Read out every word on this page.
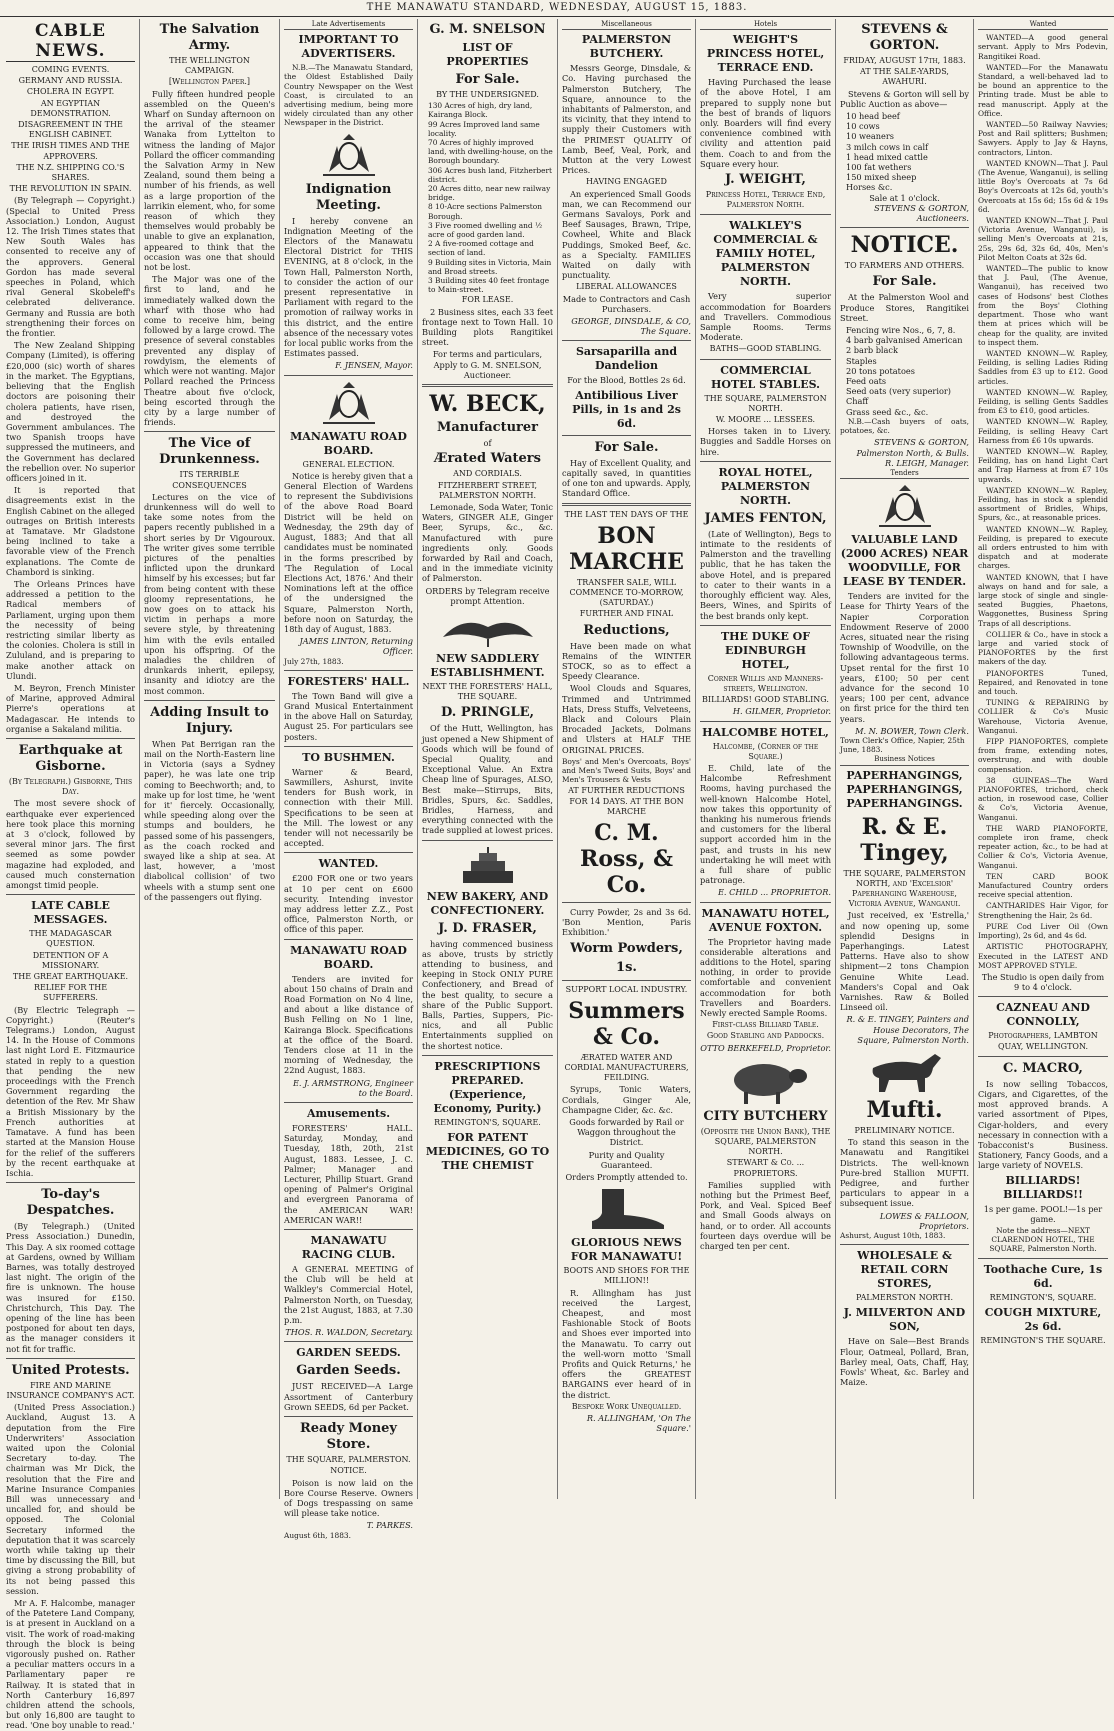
THE MANAWATU STANDARD, WEDNESDAY, AUGUST 15, 1883.
CABLE NEWS.
COMING EVENTS.
GERMANY AND RUSSIA.
CHOLERA IN EGYPT.
AN EGYPTIAN DEMONSTRATION.
DISAGREEMENT IN THE ENGLISH CABINET.
THE IRISH TIMES AND THE APPROVERS.
THE N.Z. SHIPPING CO.'S SHARES.
THE REVOLUTION IN SPAIN.

(By Telegraph — Copyright.) (Special to United Press Association.) London, August 12. The Irish Times states that New South Wales has consented to receive any of the approvers. General Gordon has made several speeches in Poland, which rival General Skobeleff's celebrated deliverance. Germany and Russia are both strengthening their forces on the frontier.

The New Zealand Shipping Company (Limited), is offering £20,000 (sic) worth of shares in the market. The Egyptians, believing that the English doctors are poisoning their cholera patients, have risen, and destroyed the Government ambulances. The two Spanish troops have suppressed the mutineers, and the Government has declared the rebellion over. No superior officers joined in it.

It is reported that disagreements exist in the English Cabinet on the alleged outrages on British interests at Tamatave. Mr Gladstone being inclined to take a favorable view of the French explanations. The Comte de Chambord is sinking.

The Orleans Princes have addressed a petition to the Radical members of Parliament, urging upon them the necessity of being restricting similar liberty as the colonies. Cholera is still in Zululand, and is preparing to make another attack on Ulundi.

M. Beyron, French Minister of Marine, approved Admiral Pierre's operations at Madagascar. He intends to organise a Sakaland militia.

Earthquake at Gisborne.
(By Telegraph.) Gisborne, This Day.

The most severe shock of earthquake ever experienced here took place this morning at 3 o'clock, followed by several minor jars. The first seemed as some powder magazine had exploded, and caused much consternation amongst timid people.

LATE CABLE MESSAGES.
THE MADAGASCAR QUESTION.
DETENTION OF A MISSIONARY.
THE GREAT EARTHQUAKE.
RELIEF FOR THE SUFFERERS.

(By Electric Telegraph — Copyright.) (Reuter's Telegrams.) London, August 14. In the House of Commons last night Lord E. Fitzmaurice stated in reply to a question that pending the new proceedings with the French Government regarding the detention of the Rev. Mr Shaw a British Missionary by the French authorities at Tamatave. A fund has been started at the Mansion House for the relief of the sufferers by the recent earthquake at Ischia.

To-day's Despatches.

(By Telegraph.) (United Press Association.) Dunedin, This Day. A six roomed cottage at Gardens, owned by William Barnes, was totally destroyed last night. The origin of the fire is unknown. The house was insured for £150. Christchurch, This Day. The opening of the line has been postponed for about ten days, as the manager considers it not fit for traffic.

United Protests.
FIRE AND MARINE INSURANCE COMPANY'S ACT.

(United Press Association.) Auckland, August 13. A deputation from the Fire Underwriters' Association waited upon the Colonial Secretary to-day. The chairman was Mr Dick, the resolution that the Fire and Marine Insurance Companies Bill was unnecessary and uncalled for, and should be opposed. The Colonial Secretary informed the deputation that it was scarcely worth while taking up their time by discussing the Bill, but giving a strong probability of its not being passed this session.

Mr A. F. Halcombe, manager of the Patetere Land Company, is at present in Auckland on a visit. The work of road-making through the block is being vigorously pushed on. Rather a peculiar matters occurs in a Parliamentary paper re Railway. It is stated that in North Canterbury 16,897 children attend the schools, but only 16,800 are taught to read. 'One boy unable to read.'

The Salvation Army.
THE WELLINGTON CAMPAIGN.
[Wellington Paper.]

Fully fifteen hundred people assembled on the Queen's Wharf on Sunday afternoon on the arrival of the steamer Wanaka from Lyttelton to witness the landing of Major Pollard the officer commanding the Salvation Army in New Zealand, sound them being a number of his friends, as well as a large proportion of the larrikin element, who, for some reason of which they themselves would probably be unable to give an explanation, appeared to think that the occasion was one that should not be lost.

The Major was one of the first to land, and he immediately walked down the wharf with those who had come to receive him, being followed by a large crowd. The presence of several constables prevented any display of rowdyism, the elements of which were not wanting. Major Pollard reached the Princess Theatre about five o'clock, being escorted through the city by a large number of friends.

The Vice of Drunkenness.
ITS TERRIBLE CONSEQUENCES

Lectures on the vice of drunkenness will do well to take some notes from the papers recently published in a short series by Dr Vigouroux. The writer gives some terrible pictures of the penalties inflicted upon the drunkard himself by his excesses; but far from being content with these gloomy representations, he now goes on to attack his victim in perhaps a more severe style, by threatening him with the evils entailed upon his offspring. Of the maladies the children of drunkards inherit, epilepsy, insanity and idiotcy are the most common.

Adding Insult to Injury.

When Pat Berrigan ran the mail on the North-Eastern line in Victoria (says a Sydney paper), he was late one trip coming to Beechworth; and, to make up for lost time, he 'went for it' fiercely. Occasionally, while speeding along over the stumps and boulders, he passed some of his passengers, as the coach rocked and swayed like a ship at sea. At last, however, a 'most diabolical collision' of two wheels with a stump sent one of the passengers out flying.

Late Advertisements
IMPORTANT TO ADVERTISERS.

N.B.—The Manawatu Standard, the Oldest Established Daily Country Newspaper on the West Coast, is circulated to an advertising medium, being more widely circulated than any other Newspaper in the District.

Indignation Meeting.

I hereby convene an Indignation Meeting of the Electors of the Manawatu Electoral District for THIS EVENING, at 8 o'clock, in the Town Hall, Palmerston North, to consider the action of our present representative in Parliament with regard to the promotion of railway works in this district, and the entire absence of the necessary votes for local public works from the Estimates passed.

F. JENSEN, Mayor.
MANAWATU ROAD BOARD.
GENERAL ELECTION.

Notice is hereby given that a General Election of Wardens to represent the Subdivisions of the above Road Board District will be held on Wednesday, the 29th day of August, 1883; And that all candidates must be nominated in the forms prescribed by 'The Regulation of Local Elections Act, 1876.' And their Nominations left at the office of the undersigned the Square, Palmerston North, before noon on Saturday, the 18th day of August, 1883.

JAMES LINTON, Returning Officer.
July 27th, 1883.
FORESTERS' HALL.

The Town Band will give a Grand Musical Entertainment in the above Hall on Saturday, August 25. For particulars see posters.

TO BUSHMEN.

Warner & Beard, Sawmillers, Ashurst, invite tenders for Bush work, in connection with their Mill. Specifications to be seen at the Mill. The lowest or any tender will not necessarily be accepted.

WANTED.

£200 FOR one or two years at 10 per cent on £600 security. Intending investor may address letter Z.Z., Post office, Palmerston North, or office of this paper.

MANAWATU ROAD BOARD.

Tenders are invited for about 150 chains of Drain and Road Formation on No 4 line, and about a like distance of Bush Felling on No 1 line, Kairanga Block. Specifications at the office of the Board. Tenders close at 11 in the morning of Wednesday, the 22nd August, 1883.

E. J. ARMSTRONG, Engineer to the Board.
Amusements.

FORESTERS' HALL. Saturday, Monday, and Tuesday, 18th, 20th, 21st August, 1883. Lessee, J. C. Palmer; Manager and Lecturer, Phillip Stuart. Grand opening of Palmer's Original and evergreen Panorama of the AMERICAN WAR! AMERICAN WAR!!

MANAWATU RACING CLUB.

A GENERAL MEETING of the Club will be held at Walkley's Commercial Hotel, Palmerston North, on Tuesday, the 21st August, 1883, at 7.30 p.m.

THOS. R. WALDON, Secretary.
GARDEN SEEDS.
Garden Seeds.

JUST RECEIVED—A Large Assortment of Canterbury Grown SEEDS, 6d per Packet.

Ready Money Store.
THE SQUARE, PALMERSTON.
NOTICE.

Poison is now laid on the Bore Course Reserve. Owners of Dogs trespassing on same will please take notice.

T. PARKES.
August 6th, 1883.
G. M. SNELSON
LIST OF PROPERTIES
For Sale.
BY THE UNDERSIGNED.
130 Acres of high, dry land, Kairanga Block.
99 Acres Improved land same locality.
70 Acres of highly improved land, with dwelling-house, on the Borough boundary.
306 Acres bush land, Fitzherbert district.
20 Acres ditto, near new railway bridge.
8 10-Acre sections Palmerston Borough.
3 Five roomed dwelling and ½ acre of good garden land.
2 A five-roomed cottage and section of land.
9 Building sites in Victoria, Main and Broad streets.
3 Building sites 40 feet frontage to Main-street.
FOR LEASE.

2 Business sites, each 33 feet frontage next to Town Hall. 10 Building plots Rangitikei street.

For terms and particulars, Apply to G. M. SNELSON, Auctioneer.

W. BECK,
Manufacturer
of
Ærated Waters
AND CORDIALS.
FITZHERBERT STREET, PALMERSTON NORTH.

Lemonade, Soda Water, Tonic Waters, GINGER ALE, Ginger Beer, Syrups, &c., &c. Manufactured with pure ingredients only. Goods forwarded by Rail and Coach, and in the immediate vicinity of Palmerston.

ORDERS by Telegram receive prompt Attention.

NEW SADDLERY ESTABLISHMENT.
NEXT THE FORESTERS' HALL, THE SQUARE.
D. PRINGLE,

Of the Hutt, Wellington, has just opened a New Shipment of Goods which will be found of Special Quality, and Exceptional Value. An Extra Cheap line of Spurages, ALSO, Best make—Stirrups, Bits, Bridles, Spurs, &c. Saddles, Bridles, Harness, and everything connected with the trade supplied at lowest prices.

NEW BAKERY, AND CONFECTIONERY.
J. D. FRASER,

having commenced business as above, trusts by strictly attending to business, and keeping in Stock ONLY PURE Confectionery, and Bread of the best quality, to secure a share of the Public Support. Balls, Parties, Suppers, Pic-nics, and all Public Entertainments supplied on the shortest notice.

PRESCRIPTIONS PREPARED. (Experience, Economy, Purity.)
REMINGTON'S, SQUARE.
FOR PATENT MEDICINES, GO TO THE CHEMIST
Miscellaneous
PALMERSTON BUTCHERY.

Messrs George, Dinsdale, & Co. Having purchased the Palmerston Butchery, The Square, announce to the inhabitants of Palmerston, and its vicinity, that they intend to supply their Customers with the PRIMEST QUALITY Of Lamb, Beef, Veal, Pork, and Mutton at the very Lowest Prices.

HAVING ENGAGED

An experienced Small Goods man, we can Recommend our Germans Savaloys, Pork and Beef Sausages, Brawn, Tripe, Cowheel, White and Black Puddings, Smoked Beef, &c. as a Specialty. FAMILIES Waited on daily with punctuality.

LIBERAL ALLOWANCES

Made to Contractors and Cash Purchasers.

GEORGE, DINSDALE, & CO, The Square.
Sarsaparilla and Dandelion

For the Blood, Bottles 2s 6d.

Antibilious Liver Pills, in 1s and 2s 6d.
For Sale.

Hay of Excellent Quality, and capitally saved, in quantities of one ton and upwards. Apply, Standard Office.

THE LAST TEN DAYS OF THE
BON MARCHE
TRANSFER SALE, WILL COMMENCE TO-MORROW, (SATURDAY.)
FURTHER AND FINAL
Reductions,

Have been made on what Remains of the WINTER STOCK, so as to effect a Speedy Clearance.

Wool Clouds and Squares, Trimmed and Untrimmed Hats, Dress Stuffs, Velveteens, Black and Colours Plain Brocaded Jackets, Dolmans and Ulsters at HALF THE ORIGINAL PRICES.

Boys' and Men's Overcoats, Boys' and Men's Tweed Suits, Boys' and Men's Trousers & Vests

AT FURTHER REDUCTIONS FOR 14 DAYS. AT THE BON MARCHE
C. M. Ross, & Co.

Curry Powder, 2s and 3s 6d. 'Bon Mention, Paris Exhibition.'

Worm Powders,
1s.
SUPPORT LOCAL INDUSTRY.
Summers & Co.
ÆRATED WATER AND CORDIAL MANUFACTURERS, FEILDING.

Syrups, Tonic Waters, Cordials, Ginger Ale, Champagne Cider, &c. &c.

Goods forwarded by Rail or Waggon throughout the District.

Purity and Quality Guaranteed.

Orders Promptly attended to.

GLORIOUS NEWS FOR MANAWATU!
BOOTS AND SHOES FOR THE MILLION!!

R. Allingham has just received the Largest, Cheapest, and most Fashionable Stock of Boots and Shoes ever imported into the Manawatu. To carry out the well-worn motto 'Small Profits and Quick Returns,' he offers the GREATEST BARGAINS ever heard of in the district.

Bespoke Work Unequalled.
R. ALLINGHAM, 'On The Square.'
Hotels
WEIGHT'S PRINCESS HOTEL, TERRACE END.

Having Purchased the lease of the above Hotel, I am prepared to supply none but the best of brands of liquors only. Boarders will find every convenience combined with civility and attention paid them. Coach to and from the Square every hour.

J. WEIGHT,
Princess Hotel, Terrace End, Palmerston North.
WALKLEY'S COMMERCIAL & FAMILY HOTEL, PALMERSTON NORTH.

Very superior accommodation for Boarders and Travellers. Commodious Sample Rooms. Terms Moderate.

BATHS—GOOD STABLING.
COMMERCIAL HOTEL STABLES.
THE SQUARE, PALMERSTON NORTH.
W. MOORE ... LESSEES.

Horses taken in to Livery. Buggies and Saddle Horses on hire.

ROYAL HOTEL, PALMERSTON NORTH.
JAMES FENTON,

(Late of Wellington), Begs to intimate to the residents of Palmerston and the travelling public, that he has taken the above Hotel, and is prepared to cater to their wants in a thoroughly efficient way. Ales, Beers, Wines, and Spirits of the best brands only kept.

THE DUKE OF EDINBURGH HOTEL,
Corner Willis and Manners-streets, Wellington.
BILLIARDS! GOOD STABLING.
H. GILMER, Proprietor.
HALCOMBE HOTEL,
Halcombe, (Corner of the Square.)

E. Child, late of the Halcombe Refreshment Rooms, having purchased the well-known Halcombe Hotel, now takes this opportunity of thanking his numerous friends and customers for the liberal support accorded him in the past, and trusts in his new undertaking he will meet with a full share of public patronage.

E. CHILD ... PROPRIETOR.
MANAWATU HOTEL, AVENUE FOXTON.

The Proprietor having made considerable alterations and additions to the Hotel, sparing nothing, in order to provide comfortable and convenient accommodation for both Travellers and Boarders. Newly erected Sample Rooms.

First-class Billiard Table.
Good Stabling and Paddocks.
OTTO BERKEFELD, Proprietor.
CITY BUTCHERY
(Opposite the Union Bank), THE SQUARE, PALMERSTON NORTH.
STEWART & Co. ... PROPRIETORS.

Families supplied with nothing but the Primest Beef, Pork, and Veal. Spiced Beef and Small Goods always on hand, or to order. All accounts fourteen days overdue will be charged ten per cent.

STEVENS & GORTON.
FRIDAY, AUGUST 17th, 1883.
AT THE SALE-YARDS, AWAHURI.

Stevens & Gorton will sell by Public Auction as above—

10 head beef
10 cows
10 weaners
3 milch cows in calf
1 head mixed cattle
100 fat wethers
150 mixed sheep
Horses &c.
Sale at 1 o'clock.
STEVENS & GORTON, Auctioneers.
NOTICE.
TO FARMERS AND OTHERS.
For Sale.

At the Palmerston Wool and Produce Stores, Rangitikei Street.

Fencing wire Nos., 6, 7, 8.
4 barb galvanised American
2 barb black
Staples
20 tons potatoes
Feed oats
Seed oats (very superior)
Chaff
Grass seed &c., &c.

N.B.—Cash buyers of oats, potatoes, &c.

STEVENS & GORTON, Palmerston North, & Bulls.
R. LEIGH, Manager.
Tenders
VALUABLE LAND (2000 ACRES) NEAR WOODVILLE, FOR LEASE BY TENDER.

Tenders are invited for the Lease for Thirty Years of the Napier Corporation Endowment Reserve of 2000 Acres, situated near the rising Township of Woodville, on the following advantageous terms. Upset rental for the first 10 years, £100; 50 per cent advance for the second 10 years; 100 per cent, advance on first price for the third ten years.

M. N. BOWER, Town Clerk.
Town Clerk's Office, Napier, 25th June, 1883.
Business Notices
PAPERHANGINGS, PAPERHANGINGS, PAPERHANGINGS.
R. & E. Tingey,
THE SQUARE, PALMERSTON NORTH, and 'Excelsior' Paperhanging Warehouse, Victoria Avenue, Wanganui.

Just received, ex 'Estrella,' and now opening up, some splendid Designs in Paperhangings. Latest Patterns. Have also to show shipment—2 tons Champion Genuine White Lead. Manders's Copal and Oak Varnishes. Raw & Boiled Linseed oil.

R. & E. TINGEY, Painters and House Decorators, The Square, Palmerston North.
Mufti.
PRELIMINARY NOTICE.

To stand this season in the Manawatu and Rangitikei Districts. The well-known Pure-bred Stallion MUFTI. Pedigree, and further particulars to appear in a subsequent issue.

LOWES & FALLOON, Proprietors.
Ashurst, August 10th, 1883.
WHOLESALE & RETAIL CORN STORES,
PALMERSTON NORTH.
J. MILVERTON AND SON,

Have on Sale—Best Brands Flour, Oatmeal, Pollard, Bran, Barley meal, Oats, Chaff, Hay, Fowls' Wheat, &c. Barley and Maize.

Wanted

WANTED—A good general servant. Apply to Mrs Podevin, Rangitikei Road.

WANTED—For the Manawatu Standard, a well-behaved lad to be bound an apprentice to the Printing trade. Must be able to read manuscript. Apply at the Office.

WANTED—50 Railway Navvies; Post and Rail splitters; Bushmen; Sawyers. Apply to Jay & Hayns, contractors, Linton.

WANTED KNOWN—That J. Paul (The Avenue, Wanganui), is selling little Boy's Overcoats at 7s 6d Boy's Overcoats at 12s 6d, youth's Overcoats at 15s 6d; 15s 6d & 19s 6d.

WANTED KNOWN—That J. Paul (Victoria Avenue, Wanganui), is selling Men's Overcoats at 21s, 25s, 29s 6d, 32s 6d, 40s, Men's Pilot Melton Coats at 32s 6d.

WANTED—The public to know that J. Paul, (The Avenue, Wanganui), has received two cases of Hodsons' best Clothes from the Boys' Clothing department. Those who want them at prices which will be cheap for the quality, are invited to inspect them.

WANTED KNOWN—W. Rapley, Feilding, is selling Ladies Riding Saddles from £3 up to £12. Good articles.

WANTED KNOWN—W. Rapley, Feilding, is selling Gents Saddles from £3 to £10, good articles.

WANTED KNOWN—W. Rapley, Feilding, is selling Heavy Cart Harness from £6 10s upwards.

WANTED KNOWN—W. Rapley, Feilding, has on hand Light Cart and Trap Harness at from £7 10s upwards.

WANTED KNOWN—W. Rapley, Feilding, has in stock a splendid assortment of Bridles, Whips, Spurs, &c., at reasonable prices.

WANTED KNOWN—W. Rapley, Feilding, is prepared to execute all orders entrusted to him with dispatch and at moderate charges.

WANTED KNOWN, that I have always on hand and for sale, a large stock of single and single-seated Buggies, Phaetons, Waggonettes, Business Spring Traps of all descriptions.

COLLIER & Co., have in stock a large and varied stock of PIANOFORTES by the first makers of the day.

PIANOFORTES Tuned, Repaired, and Renovated in tone and touch.

TUNING & REPAIRING by COLLIER & Co's Music Warehouse, Victoria Avenue, Wanganui.

FIPP PIANOFORTES, complete from frame, extending notes, overstrung, and with double compensation.

38 GUINEAS—The Ward PIANOFORTES, trichord, check action, in rosewood case, Collier & Co's, Victoria Avenue, Wanganui.

THE WARD PIANOFORTE, complete iron frame, check repeater action, &c., to be had at Collier & Co's, Victoria Avenue, Wanganui.

TEN CARD BOOK Manufactured Country orders receive special attention.

CANTHARIDES Hair Vigor, for Strengthening the Hair, 2s 6d.

PURE Cod Liver Oil (Own Importing), 2s 6d, and 4s 6d.

ARTISTIC PHOTOGRAPHY, Executed in the LATEST AND MOST APPROVED STYLE.

The Studio is open daily from 9 to 4 o'clock.

CAZNEAU AND CONNOLLY,
Photographers, LAMBTON QUAY, WELLINGTON.
C. MACRO,

Is now selling Tobaccos, Cigars, and Cigarettes, of the most approved brands. A varied assortment of Pipes, Cigar-holders, and every necessary in connection with a Tobacconist's Business. Stationery, Fancy Goods, and a large variety of NOVELS.

BILLIARDS! BILLIARDS!!

1s per game. POOL!—1s per game.

Note the address—NEXT CLARENDON HOTEL, THE SQUARE, Palmerston North.

Toothache Cure, 1s 6d.
REMINGTON'S, SQUARE.
COUGH MIXTURE, 2s 6d.
REMINGTON'S THE SQUARE.
